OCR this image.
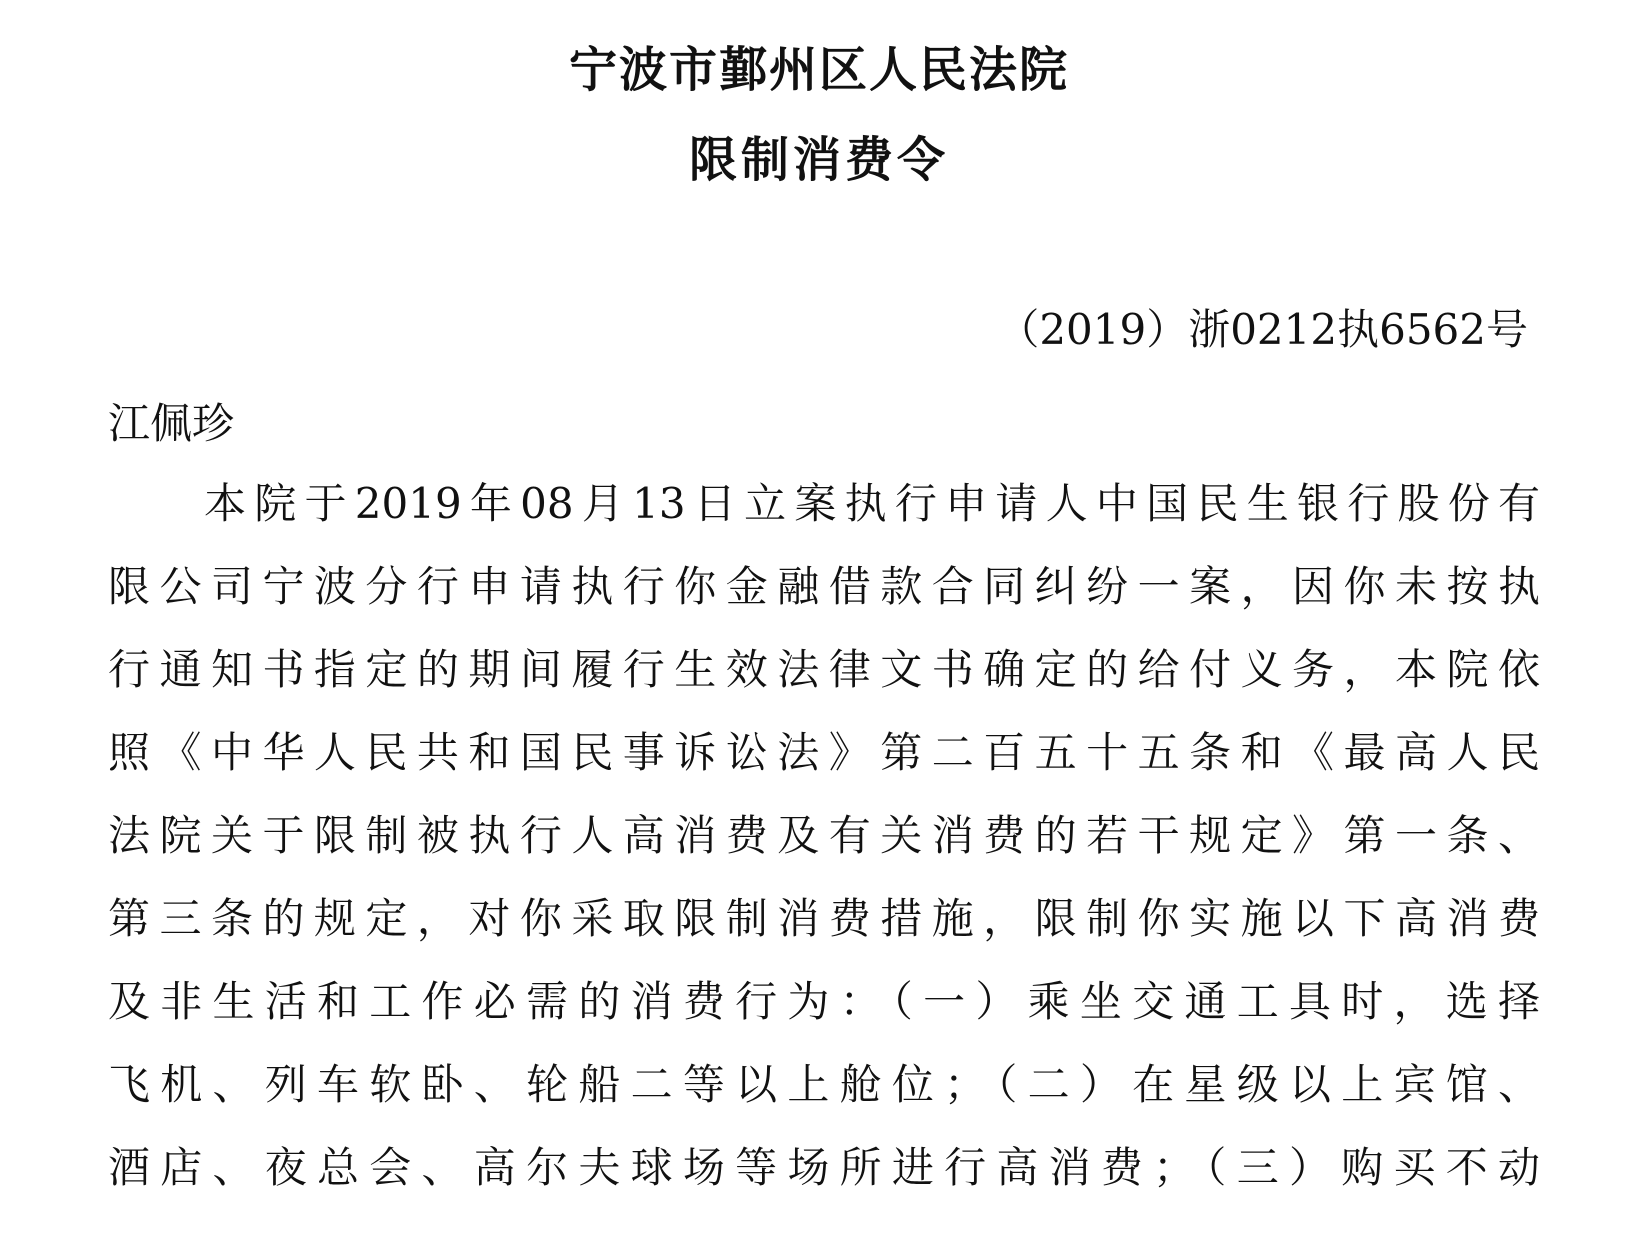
宁波市鄞州区人民法院
限制消费令
（2019）浙0212执6562号
江佩珍
本院于2019年08月13日立案执行申请人中国民生银行股份有
限公司宁波分行申请执行你金融借款合同纠纷一案，因你未按执
行通知书指定的期间履行生效法律文书确定的给付义务，本院依
照《中华人民共和国民事诉讼法》第二百五十五条和《最高人民
法院关于限制被执行人高消费及有关消费的若干规定》第一条、
第三条的规定，对你采取限制消费措施，限制你实施以下高消费
及非生活和工作必需的消费行为：（一）乘坐交通工具时，选择
飞机、列车软卧、轮船二等以上舱位；（二）在星级以上宾馆、
酒店、夜总会、高尔夫球场等场所进行高消费；（三）购买不动
